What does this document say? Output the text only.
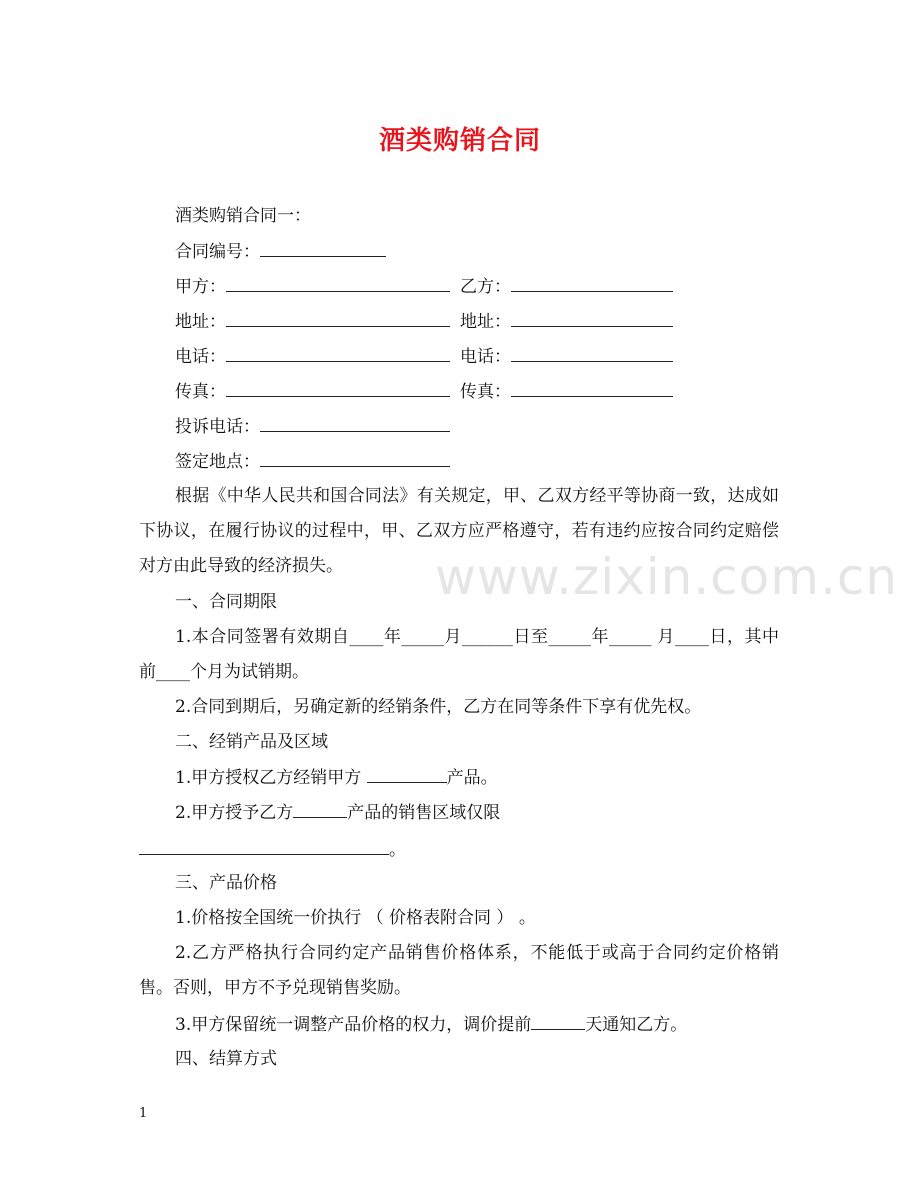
酒类购销合同
酒类购销合同一：
合同编号：
甲方：	乙方：
地址：	地址：
电话：	电话：
传真：	传真：
投诉电话：
签定地点：
根据《中华人民共和国合同法》有关规定，甲、乙双方经平等协商一致，达成如下协议，在履行协议的过程中，甲、乙双方应严格遵守，若有违约应按合同约定赔偿对方由此导致的经济损失。
一、合同期限
1.本合同签署有效期自____年_____月______日至_____年_____ 月____日，其中前____个月为试销期。
2.合同到期后，另确定新的经销条件，乙方在同等条件下享有优先权。
二、经销产品及区域
1.甲方授权乙方经销甲方	产品。
2.甲方授予乙方	产品的销售区域仅限
。
三、产品价格
1.价格按全国统一价执行 （ 价格表附合同 ） 。
2.乙方严格执行合同约定产品销售价格体系，不能低于或高于合同约定价格销售。否则，甲方不予兑现销售奖励。
3.甲方保留统一调整产品价格的权力，调价提前	天通知乙方。
四、结算方式
www.zixin.com.cn
1
